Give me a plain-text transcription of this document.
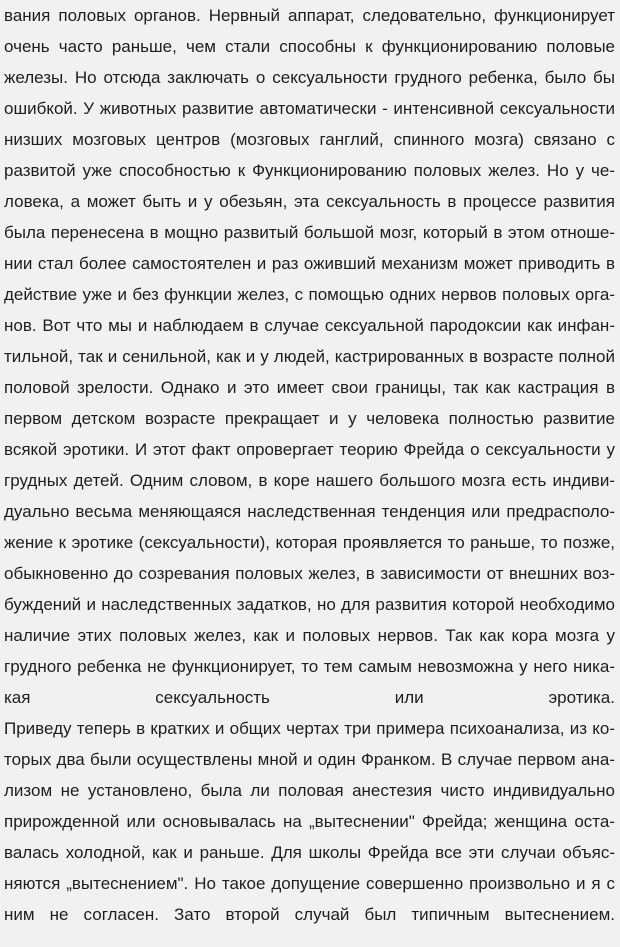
вания половых органов. Нервный аппарат, следовательно, функционирует
очень часто раньше, чем стали способны к функционированию половые
железы. Но отсюда заключать о сексуальности грудного ребенка, было бы
ошибкой. У животных развитие автоматически - интенсивной сексуальности
низших мозговых центров (мозговых ганглий, спинного мозга) связано с
развитой уже способностью к Функционированию половых желез. Но у че-
ловека, а может быть и у обезьян, эта сексуальность в процессе развития
была перенесена в мощно развитый большой мозг, который в этом отноше-
нии стал более самостоятелен и раз оживший механизм может приводить в
действие уже и без функции желез, с помощью одних нервов половых орга-
нов. Вот что мы и наблюдаем в случае сексуальной пародоксии как инфан-
тильной, так и сенильной, как и у людей, кастрированных в возрасте полной
половой зрелости. Однако и это имеет свои границы, так как кастрация в
первом детском возрасте прекращает и у человека полностью развитие
всякой эротики. И этот факт опровергает теорию Фрейда о сексуальности у
грудных детей. Одним словом, в коре нашего большого мозга есть индиви-
дуально весьма меняющаяся наследственная тенденция или предрасполо-
жение к эротике (сексуальности), которая проявляется то раньше, то позже,
обыкновенно до созревания половых желез, в зависимости от внешних воз-
буждений и наследственных задатков, но для развития которой необходимо
наличие этих половых желез, как и половых нервов. Так как кора мозга у
грудного ребенка не функционирует, то тем самым невозможна у него ника-
кая сексуальность или эротика.
Приведу теперь в кратких и общих чертах три примера психоанализа, из ко-
торых два были осуществлены мной и один Франком. В случае первом ана-
лизом не установлено, была ли половая анестезия чисто индивидуально
прирожденной или основывалась на „вытеснении" Фрейда; женщина оста-
валась холодной, как и раньше. Для школы Фрейда все эти случаи объяс-
няются „вытеснением". Но такое допущение совершенно произвольно и я с
ним не согласен. Зато второй случай был типичным вытеснением.
